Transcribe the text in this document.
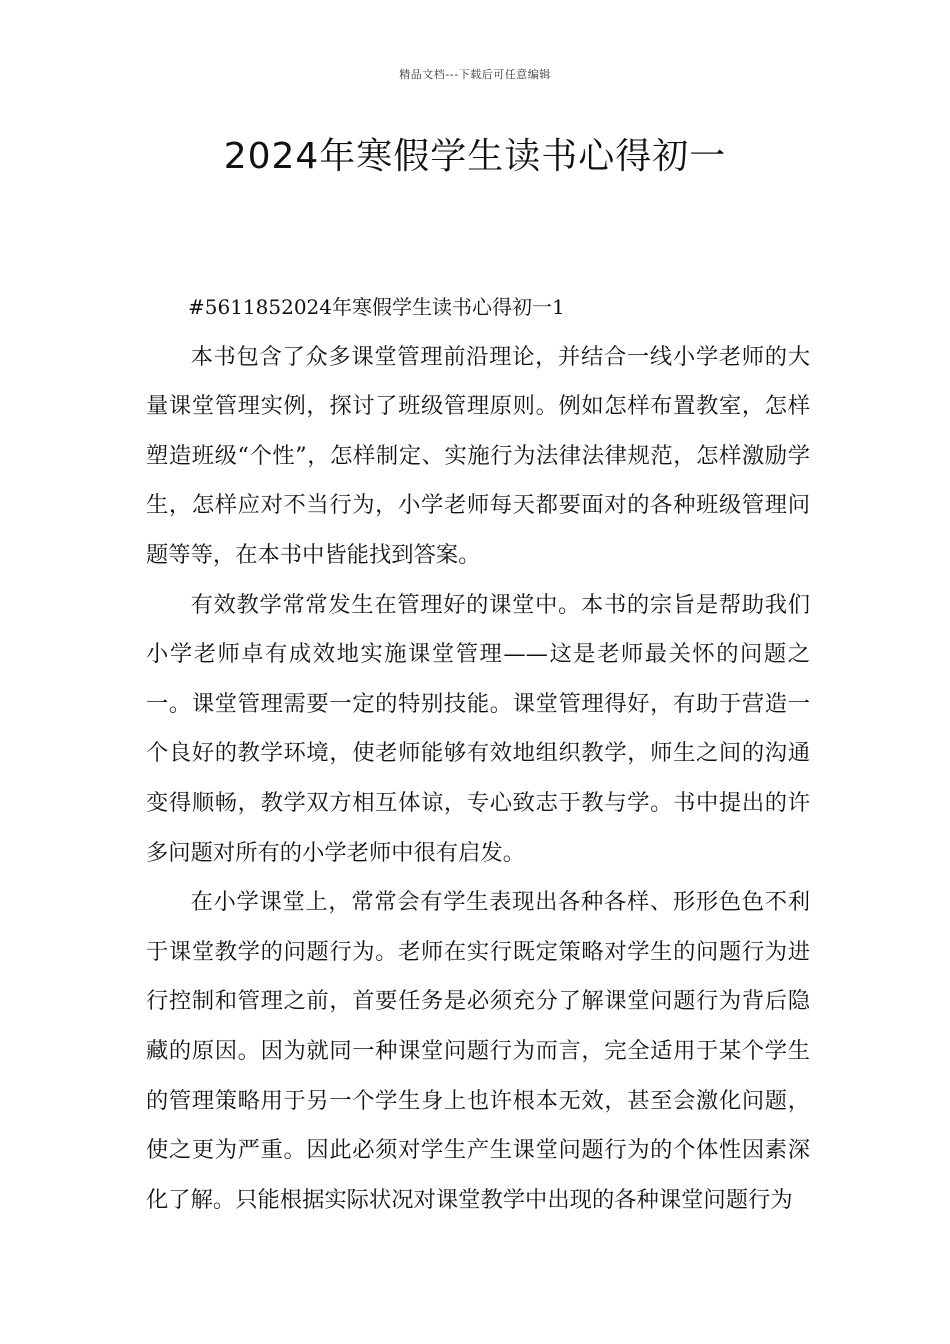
精品文档---下载后可任意编辑
2024年寒假学生读书心得初一

#5611852024年寒假学生读书心得初一1

本书包含了众多课堂管理前沿理论，并结合一线小学老师的大量课堂管理实例，探讨了班级管理原则。例如怎样布置教室，怎样塑造班级“个性”，怎样制定、实施行为法律法律规范，怎样激励学生，怎样应对不当行为，小学老师每天都要面对的各种班级管理问题等等，在本书中皆能找到答案。

有效教学常常发生在管理好的课堂中。本书的宗旨是帮助我们小学老师卓有成效地实施课堂管理——这是老师最关怀的问题之一。课堂管理需要一定的特别技能。课堂管理得好，有助于营造一个良好的教学环境，使老师能够有效地组织教学，师生之间的沟通变得顺畅，教学双方相互体谅，专心致志于教与学。书中提出的许多问题对所有的小学老师中很有启发。

在小学课堂上，常常会有学生表现出各种各样、形形色色不利于课堂教学的问题行为。老师在实行既定策略对学生的问题行为进行控制和管理之前，首要任务是必须充分了解课堂问题行为背后隐藏的原因。因为就同一种课堂问题行为而言，完全适用于某个学生的管理策略用于另一个学生身上也许根本无效，甚至会激化问题，使之更为严重。因此必须对学生产生课堂问题行为的个体性因素深化了解。只能根据实际状况对课堂教学中出现的各种课堂问题行为
